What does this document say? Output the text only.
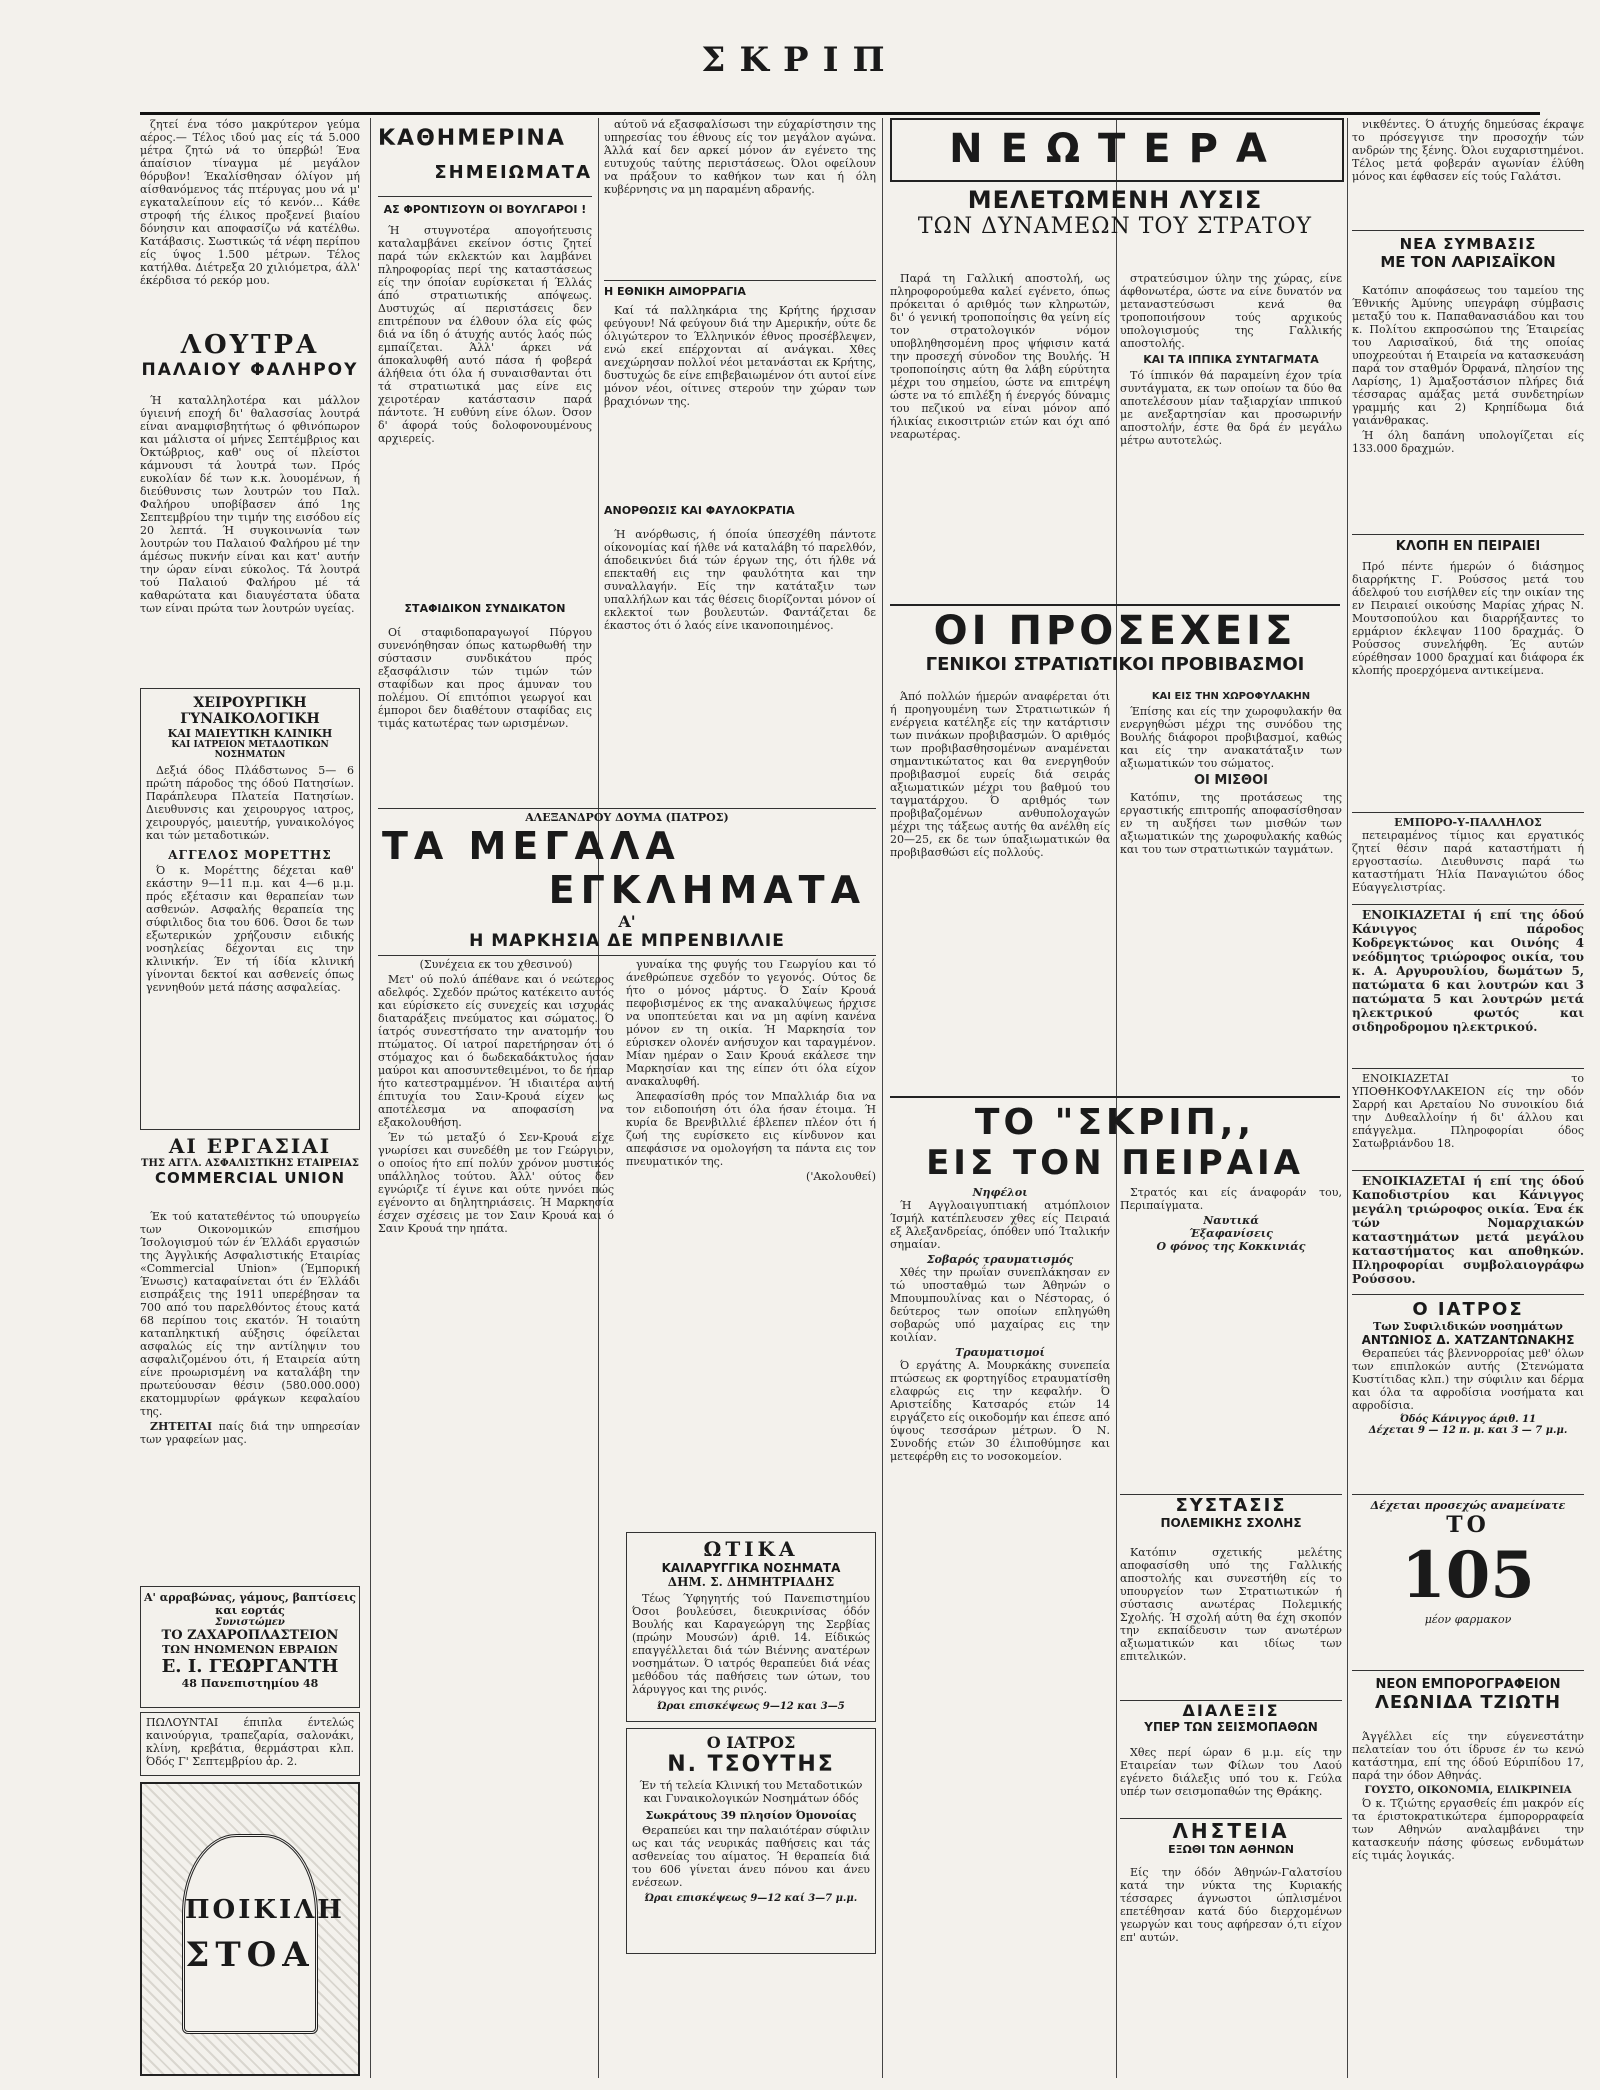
ΣΚΡΙΠ

ζητεί ένα τόσο μακρύτερον γεύμα αέρος.— Τέλος ιδού μας είς τά 5.000 μέτρα ζητώ νά το ύπερβώ! Ένα άπαίσιον τίναγμα μέ μεγάλον θόρυβον! Έκαλίσθησαν όλίγον μή αίσθανόμενος τάς πτέρυγας μου νά μ' εγκαταλείπουν είς τό κενόν... Κάθε στροφή τής έλικος προξενεί βιαίου δόνησιν και αποφασίζω νά κατέλθω. Κατάβασις. Σωστικώς τά νέφη περίπου είς ύψος 1.500 μέτρων. Τέλος κατήλθα. Διέτρεξα 20 χιλιόμετρα, άλλ' έκέρδισα τό ρεκόρ μου.

ΛΟΥΤΡΑ
ΠΑΛΑΙΟΥ ΦΑΛΗΡΟΥ

Ή καταλληλοτέρα και μάλλον ύγιεινή εποχή δι' θαλασσίας λουτρά είναι αναμφισβητήτως ό φθινόπωρον και μάλιστα οί μήνες Σεπτέμβριος και Όκτώβριος, καθ' ους οί πλείστοι κάμνουσι τά λουτρά των. Πρός ευκολίαν δέ των κ.κ. λουομένων, ή διεύθυνσις των λουτρών του Παλ. Φαλήρου υποβίβασεν άπό 1ης Σεπτεμβρίου την τιμήν της εισόδου είς 20 λεπτά. Ή συγκοινωνία των λουτρών του Παλαιού Φαλήρου μέ την άμέσως πυκνήν είναι και κατ' αυτήν την ώραν είναι εύκολος. Τά λουτρά τού Παλαιού Φαλήρου μέ τά καθαρώτατα και διαυγέστατα ύδατα των είναι πρώτα των λουτρών υγείας.

ΧΕΙΡΟΥΡΓΙΚΗ ΓΥΝΑΙΚΟΛΟΓΙΚΗ
ΚΑΙ ΜΑΙΕΥΤΙΚΗ ΚΛΙΝΙΚΗ
ΚΑΙ ΙΑΤΡΕΙΟΝ ΜΕΤΑΔΟΤΙΚΩΝ ΝΟΣΗΜΑΤΩΝ

Δεξιά όδος Πλάδστωνος 5— 6 πρώτη πάροδος της όδού Πατησίων. Παράπλευρα Πλατεία Πατησίων. Διευθυνσις και χειρουργος ιατρος, χειρουργός, μαιευτήρ, γυναικολόγος και τών μεταδοτικών.

ΑΓΓΕΛΟΣ ΜΟΡΕΤΤΗΣ

Ό κ. Μορέττης δέχεται καθ' εκάστην 9—11 π.μ. και 4—6 μ.μ. πρός εξέτασιν και θεραπείαν των ασθενών. Ασφαλής θεραπεία της σύφιλιδος δια του 606. Όσοι δε των εξωτερικών χρήζουσιν ειδικής νοσηλείας δέχονται εις την κλινικήν. Έν τή ίδία κλινική γίνονται δεκτοί και ασθενείς όπως γεννηθούν μετά πάσης ασφαλείας.

ΑΙ ΕΡΓΑΣΙΑΙ
ΤΗΣ ΑΓΓΛ. ΑΣΦΑΛΙΣΤΙΚΗΣ ΕΤΑΙΡΕΙΑΣ
COMMERCIAL UNION

Έκ τού κατατεθέντος τώ υπουργείω των Οικονομικών επισήμου Ίσολογισμού τών έν Έλλάδι εργασιών της Άγγλικής Ασφαλιστικής Εταιρίας «Commercial Union» (Έμπορική Ένωσις) καταφαίνεται ότι έν Έλλάδι εισπράξεις της 1911 υπερέβησαν τα 700 από του παρελθόντος έτους κατά 68 περίπου τοις εκατόν. Ή τοιαύτη καταπληκτική αύξησις όφείλεται ασφαλώς είς την αντίληψιν του ασφαλιζομένου ότι, ή Εταιρεία αύτη είνε προωρισμένη να καταλάβη την πρωτεύουσαν θέσιν (580.000.000) εκατομμυρίων φράγκων κεφαλαίου της.

ΖΗΤΕΙΤΑΙ παίς διά την υπηρεσίαν των γραφείων μας.

Α' αρραβώνας, γάμους, βαπτίσεις και εορτάς
Συνιστώμεν
ΤΟ ΖΑΧΑΡΟΠΛΑΣΤΕΙΟΝ
ΤΩΝ ΗΝΩΜΕΝΩΝ ΕΒΡΑΙΩΝ
Ε. Ι. ΓΕΩΡΓΑΝΤΗ
48 Πανεπιστημίου 48

ΠΩΛΟΥΝΤΑΙ έπιπλα έντελώς καινούργια, τραπεζαρία, σαλονάκι, κλίνη, κρεβάτια, θερμάστραι κλπ. Όδός Γ' Σεπτεμβρίου ἀρ. 2.

ΠΟΙΚΙΛΗ
ΣΤΟΑ
ΚΑΘΗΜΕΡΙΝΑ
ΣΗΜΕΙΩΜΑΤΑ
ΑΣ ΦΡΟΝΤΙΣΟΥΝ ΟΙ ΒΟΥΛΓΑΡΟΙ !

Ή στυγνοτέρα απογοήτευσις καταλαμβάνει εκείνον όστις ζητεί παρά τών εκλεκτών και λαμβάνει πληροφορίας περί της καταστάσεως είς την όποίαν ευρίσκεται ή Έλλάς άπό στρατιωτικής απόψεως. Δυστυχώς αί περιστάσεις δεν επιτρέπουν να έλθουν όλα είς φώς διά να ίδη ό άτυχής αυτός λαός πώς εμπαίζεται. Άλλ' άρκει νά άποκαλυφθή αυτό πάσα ή φοβερά άλήθεια ότι όλα ή συναισθανται ότι τά στρατιωτικά μας είνε εις χειροτέραν κατάστασιν παρά πάντοτε. Ή ευθύνη είνε όλων. Όσον δ' άφορά τούς δολοφονουμένους αρχιερείς.

ΣΤΑΦΙΔΙΚΟΝ ΣΥΝΔΙΚΑΤΟΝ

Οί σταφιδοπαραγωγοί Πύργου συνενόηθησαν όπως κατωρθωθή την σύστασιν συνδικάτου πρός εξασφάλισιν τών τιμών τών σταφίδων και προς άμυναν του πολέμου. Οί επιτόπιοι γεωργοί και έμποροι δεν διαθέτουν σταφίδας εις τιμάς κατωτέρας των ωρισμένων.

αύτοῦ νά εξασφαλίσωσι την εύχαρίστησιν της υπηρεσίας του έθνους είς τον μεγάλον αγώνα. Άλλά καί δεν αρκεί μόνον άν εγένετο της ευτυχούς ταύτης περιστάσεως. Όλοι οφείλουν να πράξουν το καθήκον των και ή όλη κυβέρνησις να μη παραμένη αδρανής.

Η ΕΘΝΙΚΗ ΑΙΜΟΡΡΑΓΙΑ

Καί τά παλληκάρια της Κρήτης ήρχισαν φεύγουν! Νά φεύγουν διά την Αμερικήν, ούτε δε όλιγώτερον το Έλληνικόν έθνος προσέβλεψεν, ενώ εκεί επέρχονται αί ανάγκαι. Χθες ανεχώρησαν πολλοί νέοι μετανάσται εκ Κρήτης, δυστυχώς δε είνε επιβεβαιωμένον ότι αυτοί είνε μόνον νέοι, οίτινες στερούν την χώραν των βραχιόνων της.

ΑΝΟΡΘΩΣΙΣ ΚΑΙ ΦΑΥΛΟΚΡΑΤΙΑ

Ή ανόρθωσις, ή όποία ύπεσχέθη πάντοτε οίκονομίας καί ήλθε νά καταλάβη τό παρελθόν, άποδεικνύει διά τών έργων της, ότι ήλθε νά επεκταθή εις την φαυλότητα και την συναλλαγήν. Είς την κατάταξιν των υπαλλήλων και τάς θέσεις διορίζονται μόνον οί εκλεκτοί των βουλευτών. Φαντάζεται δε έκαστος ότι ό λαός είνε ικανοποιημένος.

ΑΛΕΞΑΝΔΡΟΥ ΔΟΥΜΑ (ΠΑΤΡΟΣ)
ΤΑ ΜΕΓΑΛΑ
ΕΓΚΛΗΜΑΤΑ
Α'
Η ΜΑΡΚΗΣΙΑ ΔΕ ΜΠΡΕΝΒΙΛΛΙΕ

(Συνέχεια εκ του χθεσινού)

Μετ' ού πολύ άπέθανε και ό νεώτερος αδελφός. Σχεδόν πρώτος κατέκειτο αυτός και εύρίσκετο είς συνεχείς και ισχυράς διαταράξεις πνεύματος και σώματος. Ό ίατρός συνεστήσατο την ανατομήν του πτώματος. Οί ιατροί παρετήρησαν ότι ό στόμαχος και ό δωδεκαδάκτυλος ήσαν μαύροι και αποσυντεθειμένοι, το δε ήπαρ ήτο κατεστραμμένον. Ή ιδιαιτέρα αυτή έπιτυχία του Σαιν-Κρουά είχεν ως αποτέλεσμα να αποφασίση να εξακολουθήση.

Έν τώ μεταξύ ό Σεν-Κρουά είχε γνωρίσει και συνεδέθη με τον Γεώργιον, ο οποίος ήτο επί πολύν χρόνον μυστικός υπάλληλος τούτου. Άλλ' ούτος δεν εγνώριζε τί έγινε και ούτε ηννόει πώς εγένοντο αι δηλητηριάσεις. Ή Μαρκησία έσχεν σχέσεις με τον Σαιν Κρουά και ό Σαιν Κρουά την ηπάτα.

γυναίκα της φυγής του Γεωργίου και τό άνεθρώπευε σχεδόν το γεγονός. Ούτος δε ήτο ο μόνος μάρτυς. Ό Σαίν Κρουά πεφοβισμένος εκ της ανακαλύψεως ήρχισε να υποπτεύεται και να μη αφίνη κανένα μόνον εν τη οικία. Ή Μαρκησία τον εύρισκεν ολονέν ανήσυχον και ταραγμένον. Μίαν ημέραν ο Σαιν Κρουά εκάλεσε την Μαρκησίαν και της είπεν ότι όλα είχον ανακαλυφθή.

Άπεφασίσθη πρός τον Μπαλλιάρ δια να τον ειδοποιήση ότι όλα ήσαν έτοιμα. Ή κυρία δε Βρενβιλλιέ έβλεπεν πλέον ότι ή ζωή της ευρίσκετο εις κίνδυνον και απεφάσισε να ομολογήση τα πάντα εις τον πνευματικόν της.

('Ακολουθεί)

ΩΤΙΚΑ
ΚΑΙΛΑΡΥΓΓΙΚΑ ΝΟΣΗΜΑΤΑ
ΔΗΜ. Σ. ΔΗΜΗΤΡΙΑΔΗΣ

Τέως Ύφηγητής τού Πανεπιστημίου Όσοι βουλεύσει, διευκρινίσας όδόν Βουλής και Καραγεώργη της Σερβίας (πρώην Μουσών) άριθ. 14. Είδικώς επαγγέλλεται διά τών Βιέννης ανατέρων νοσημάτων. Ό ιατρός θεραπεύει διά νέας μεθόδου τάς παθήσεις των ώτων, του λάρυγγος και της ρινός.

Ώραι επισκέψεως 9—12 και 3—5
Ο ΙΑΤΡΟΣ
Ν. ΤΣΟΥΤΗΣ

Έν τή τελεία Κλινική του Μεταδοτικών και Γυναικολογικών Νοσημάτων όδός

Σωκράτους 39 πλησίον Όμονοίας

Θεραπεύει και την παλαιότέραν σύφιλιν ως και τάς νευρικάς παθήσεις και τάς ασθενείας του αίματος. Ή θεραπεία διά του 606 γίνεται άνευ πόνου και άνευ ενέσεων.

Ώραι επισκέψεως 9—12 καί 3—7 μ.μ.
ΝΕΩΤΕΡΑ
ΜΕΛΕΤΩΜΕΝΗ ΛΥΣΙΣ
ΤΩΝ ΔΥΝΑΜΕΩΝ ΤΟΥ ΣΤΡΑΤΟΥ

Παρά τη Γαλλική αποστολή, ως πληροφορούμεθα καλεί εγένετο, όπως πρόκειται ό αριθμός των κληρωτών, δι' ό γενική τροποποίησις θα γείνη είς τον στρατολογικόν νόμον υποβληθησομένη προς ψήφισιν κατά την προσεχή σύνοδον της Βουλής. Ή τροποποίησις αύτη θα λάβη εύρύτητα μέχρι του σημείου, ώστε να επιτρέψη ώστε να τό επιλέξη ή ένεργός δύναμις του πεζικού να είναι μόνον από ήλικίας εικοσιτριών ετών και όχι από νεαρωτέρας.

στρατεύσιμον ύλην της χώρας, είνε άφθονωτέρα, ώστε να είνε δυνατόν να μεταναστεύσωσι κενά θα τροποποιήσουν τούς αρχικούς υπολογισμούς της Γαλλικής αποστολής.

ΚΑΙ ΤΑ ΙΠΠΙΚΑ ΣΥΝΤΑΓΜΑΤΑ

Τό ίππικόν θά παραμείνη έχον τρία συντάγματα, εκ των οποίων τα δύο θα αποτελέσουν μίαν ταξιαρχίαν ιππικού με ανεξαρτησίαν και προσωρινήν αποστολήν, έστε θα δρά έν μεγάλω μέτρω αυτοτελώς.

ΟΙ ΠΡΟΣΕΧΕΙΣ
ΓΕΝΙΚΟΙ ΣΤΡΑΤΙΩΤΙΚΟΙ ΠΡΟΒΙΒΑΣΜΟΙ

Άπό πολλών ήμερών αναφέρεται ότι ή προηγουμένη των Στρατιωτικών ή ενέργεια κατέληξε είς την κατάρτισιν των πινάκων προβιβασμών. Ό αριθμός των προβιβασθησομένων αναμένεται σημαντικώτατος και θα ενεργηθούν προβιβασμοί ευρείς διά σειράς αξιωματικών μέχρι του βαθμού του ταγματάρχου. Ό αριθμός των προβιβαζομένων ανθυπολοχαγών μέχρι της τάξεως αυτής θα ανέλθη είς 20—25, εκ δε των ύπαξιωματικών θα προβιβασθώσι είς πολλούς.

ΚΑΙ ΕΙΣ ΤΗΝ ΧΩΡΟΦΥΛΑΚΗΝ

Έπίσης και είς την χωροφυλακήν θα ενεργηθώσι μέχρι της συνόδου της Βουλής διάφοροι προβιβασμοί, καθώς και είς την ανακατάταξιν των αξιωματικών του σώματος.

ΟΙ ΜΙΣΘΟΙ

Κατόπιν, της προτάσεως της εργαστικής επιτροπής αποφασίσθησαν εν τη αυξήσει των μισθών των αξιωματικών της χωροφυλακής καθώς και του των στρατιωτικών ταγμάτων.

ΤΟ "ΣΚΡΙΠ,,
ΕΙΣ ΤΟΝ ΠΕΙΡΑΙΑ
Νηφέλοι

Ή Αγγλοαιγυπτιακή ατμόπλοιον Ίσμήλ κατέπλευσεν χθες είς Πειραιά εξ Άλεξανδρείας, όπόθεν υπό Ίταλικήν σημαίαν.

Σοβαρός τραυματισμός

Χθές την πρωΐαν συνεπλάκησαν εν τώ υποσταθμώ των Άθηνών ο Μπουμπουλίνας και ο Νέστορας, ό δεύτερος των οποίων επληγώθη σοβαρώς υπό μαχαίρας εις την κοιλίαν.

Τραυματισμοί

Ό εργάτης Α. Μουρκάκης συνεπεία πτώσεως εκ φορτηγίδος ετραυματίσθη ελαφρώς εις την κεφαλήν. Ό Αριστείδης Κατσαρός ετών 14 ειργάζετο είς οικοδομήν και έπεσε από ύψους τεσσάρων μέτρων. Ό Ν. Συνοδής ετών 30 έλιποθύμησε και μετεφέρθη εις το νοσοκομείον.

Στρατός και είς άναφοράν του, Περιπαίγματα.

Ναυτικά
Έξαφανίσεις
Ο φόνος της Κοκκινιάς
ΣΥΣΤΑΣΙΣ
ΠΟΛΕΜΙΚΗΣ ΣΧΟΛΗΣ

Κατόπιν σχετικής μελέτης αποφασίσθη υπό της Γαλλικής αποστολής και συνεστήθη είς το υπουργείον των Στρατιωτικών ή σύστασις ανωτέρας Πολεμικής Σχολής. Ή σχολή αύτη θα έχη σκοπόν την εκπαίδευσιν των ανωτέρων αξιωματικών και ιδίως των επιτελικών.

ΔΙΑΛΕΞΙΣ
ΥΠΕΡ ΤΩΝ ΣΕΙΣΜΟΠΑΘΩΝ

Χθες περί ώραν 6 μ.μ. είς την Εταιρείαν των Φίλων του Λαού εγένετο διάλεξις υπό του κ. Γεύλα υπέρ των σεισμοπαθών της Θράκης.

ΛΗΣΤΕΙΑ
ΕΞΩΘΙ ΤΩΝ ΑΘΗΝΩΝ

Είς την όδόν Άθηνών-Γαλατσίου κατά την νύκτα της Κυριακής τέσσαρες άγνωστοι ώπλισμένοι επετέθησαν κατά δύο διερχομένων γεωργών και τους αφήρεσαν ό,τι είχον επ' αυτών.

νικθέντες. Ό άτυχής δημεύσας έκραψε το πρόσεγγισε την προσοχήν τών ανδρών της ξένης. Όλοι ευχαριστημένοι. Τέλος μετά φοβεράν αγωνίαν έλύθη μόνος και έφθασεν είς τούς Γαλάτσι.

ΝΕΑ ΣΥΜΒΑΣΙΣ
ΜΕ ΤΟΝ ΛΑΡΙΣΑΪΚΟΝ

Κατόπιν αποφάσεως του ταμείου της Έθνικής Άμύνης υπεγράφη σύμβασις μεταξύ του κ. Παπαθανασιάδου και του κ. Πολίτου εκπροσώπου της Έταιρείας του Λαρισαϊκού, διά της οποίας υποχρεούται ή Εταιρεία να κατασκευάση παρά τον σταθμόν Όρφανά, πλησίον της Λαρίσης, 1) Άμαξοστάσιον πλήρες διά τέσσαρας αμάξας μετά συνδετηρίων γραμμής και 2) Κρηπίδωμα διά γαιάνθρακας.

Ή όλη δαπάνη υπολογίζεται είς 133.000 δραχμών.

ΚΛΟΠΗ ΕΝ ΠΕΙΡΑΙΕΙ

Πρό πέντε ήμερών ό διάσημος διαρρήκτης Γ. Ρούσσος μετά του άδελφού του εισήλθεν είς την οικίαν της εν Πειραιεί οικούσης Μαρίας χήρας Ν. Μουτσοπούλου και διαρρήξαντες το ερμάριον έκλεψαν 1100 δραχμάς. Ό Ρούσσος συνελήφθη. Ές αυτών εύρέθησαν 1000 δραχμαί και διάφορα έκ κλοπής προερχόμενα αντικείμενα.

ΕΜΠΟΡΟ-Υ-ΠΑΛΛΗΛΟΣ

πετειραμένος τίμιος και εργατικός ζητεί θέσιν παρά καταστήματι ή εργοστασίω. Διευθυνσις παρά τω καταστήματι Ήλία Παναγιώτου όδος Εύαγγελιστρίας.

ΕΝΟΙΚΙΑΖΕΤΑΙ ή επί της όδού Κάνιγγος πάροδος Κοδρεγκτώνος και Οινόης 4 νεόδμητος τριώροφος οικία, του κ. Α. Αργυρουλίου, δωμάτων 5, πατώματα 6 και λουτρών και 3 πατώματα 5 και λουτρών μετά ηλεκτρικού φωτός και σιδηροδρομου ηλεκτρικού.

ΕΝΟΙΚΙΑΖΕΤΑΙ το ΥΠΟΘΗΚΟΦΥΛΑΚΕΙΟΝ είς την οδόν Σαρρή και Αρεταίου Νο συνοικίου διά την Δυθεαλλοίην ή δι' άλλου και επάγγελμα. Πληροφορίαι όδος Σατωβριάνδου 18.

ΕΝΟΙΚΙΑΖΕΤΑΙ ή επί της όδού Καποδιστρίου και Κάνιγγος μεγάλη τριώροφος οικία. Ένα έκ τών Νομαρχιακών καταστημάτων μετά μεγάλου καταστήματος και αποθηκών. Πληροφορίαι συμβολαιογράφω Ρούσσου.

Ο ΙΑΤΡΟΣ
Των Συφιλιδικών νοσημάτων
ΑΝΤΩΝΙΟΣ Δ. ΧΑΤΖΑΝΤΩΝΑΚΗΣ

Θεραπεύει τάς βλεννορροίας μεθ' όλων των επιπλοκών αυτής (Στενώματα Κυστίτιδας κλπ.) την σύφιλιν και δέρμα και όλα τα αφροδίσια νοσήματα και αφροδίσια.

Όδός Κάνιγγος άριθ. 11
Δέχεται 9 — 12 π. μ. και 3 — 7 μ.μ.
Δέχεται προσεχώς αναμείνατε
ΤΟ
105
μέον φαρμακον
ΝΕΟΝ ΕΜΠΟΡΟΓΡΑΦΕΙΟΝ
ΛΕΩΝΙΔΑ ΤΖΙΩΤΗ

Άγγέλλει είς την εύγενεστάτην πελατείαν του ότι ίδρυσε έν τω κενώ κατάστημα, επί της όδού Εύριπίδου 17, παρά την όδον Αθηνάς.

ΓΟΥΣΤΟ, ΟΙΚΟΝΟΜΙΑ, ΕΙΛΙΚΡΙΝΕΙΑ

Ό κ. Τζιώτης εργασθείς έπι μακρόν είς τα έριστοκρατικώτερα έμπορορραφεία των Αθηνών αναλαμβάνει την κατασκευήν πάσης φύσεως ενδυμάτων είς τιμάς λογικάς.
